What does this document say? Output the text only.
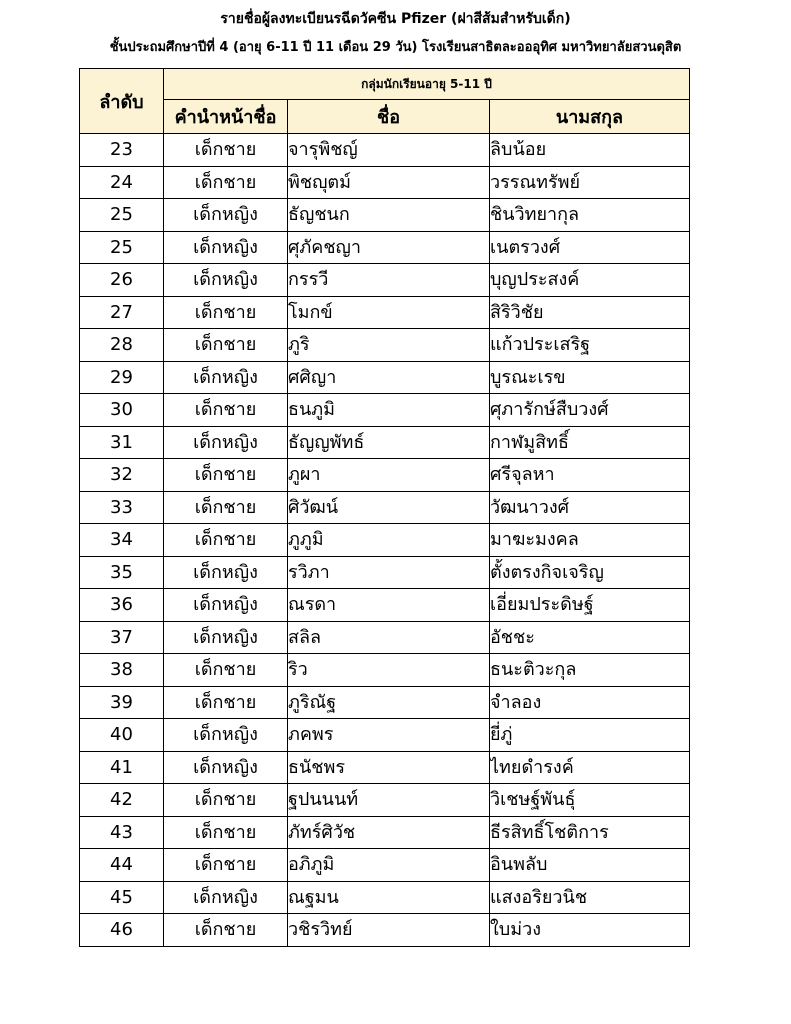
รายชื่อผู้ลงทะเบียนรฉีดวัคซีน Pfizer (ฝาสีส้มสำหรับเด็ก)
ชั้นประถมศึกษาปีที่ 4 (อายุ 6-11 ปี 11 เดือน 29 วัน) โรงเรียนสาธิตละอออุทิศ มหาวิทยาลัยสวนดุสิต
ลำดับ	กลุ่มนักเรียนอายุ 5-11 ปี		
	คำนำหน้าชื่อ	ชื่อ	นามสกุล
23	เด็กชาย	จารุพิชญ์	ลิบน้อย
24	เด็กชาย	พิชญุตม์	วรรณทรัพย์
25	เด็กหญิง	ธัญชนก	ชินวิทยากุล
25	เด็กหญิง	ศุภัคชญา	เนตรวงศ์
26	เด็กหญิง	กรรวี	บุญประสงค์
27	เด็กชาย	โมกข์	สิริวิชัย
28	เด็กชาย	ภูริ	แก้วประเสริฐ
29	เด็กหญิง	ศศิญา	บูรณะเรข
30	เด็กชาย	ธนภูมิ	ศุภารักษ์สืบวงศ์
31	เด็กหญิง	ธัญญพัทธ์	กาฬมูสิทธิ์
32	เด็กชาย	ภูผา	ศรีจุลหา
33	เด็กชาย	ศิวัฒน์	วัฒนาวงศ์
34	เด็กชาย	ภูภูมิ	มาฆะมงคล
35	เด็กหญิง	รวิภา	ตั้งตรงกิจเจริญ
36	เด็กหญิง	ณรดา	เอี่ยมประดิษฐ์
37	เด็กหญิง	สลิล	อัชชะ
38	เด็กชาย	ริว	ธนะติวะกุล
39	เด็กชาย	ภูริณัฐ	จำลอง
40	เด็กหญิง	ภคพร	ยี่ภู่
41	เด็กหญิง	ธนัชพร	ไทยดำรงค์
42	เด็กชาย	ฐปนนนท์	วิเชษฐ์พันธุ์
43	เด็กชาย	ภัทร์ศิวัช	ธีรสิทธิ์โชติการ
44	เด็กชาย	อภิภูมิ	อินพลับ
45	เด็กหญิง	ณฐมน	แสงอริยวนิช
46	เด็กชาย	วชิรวิทย์	ใบม่วง
